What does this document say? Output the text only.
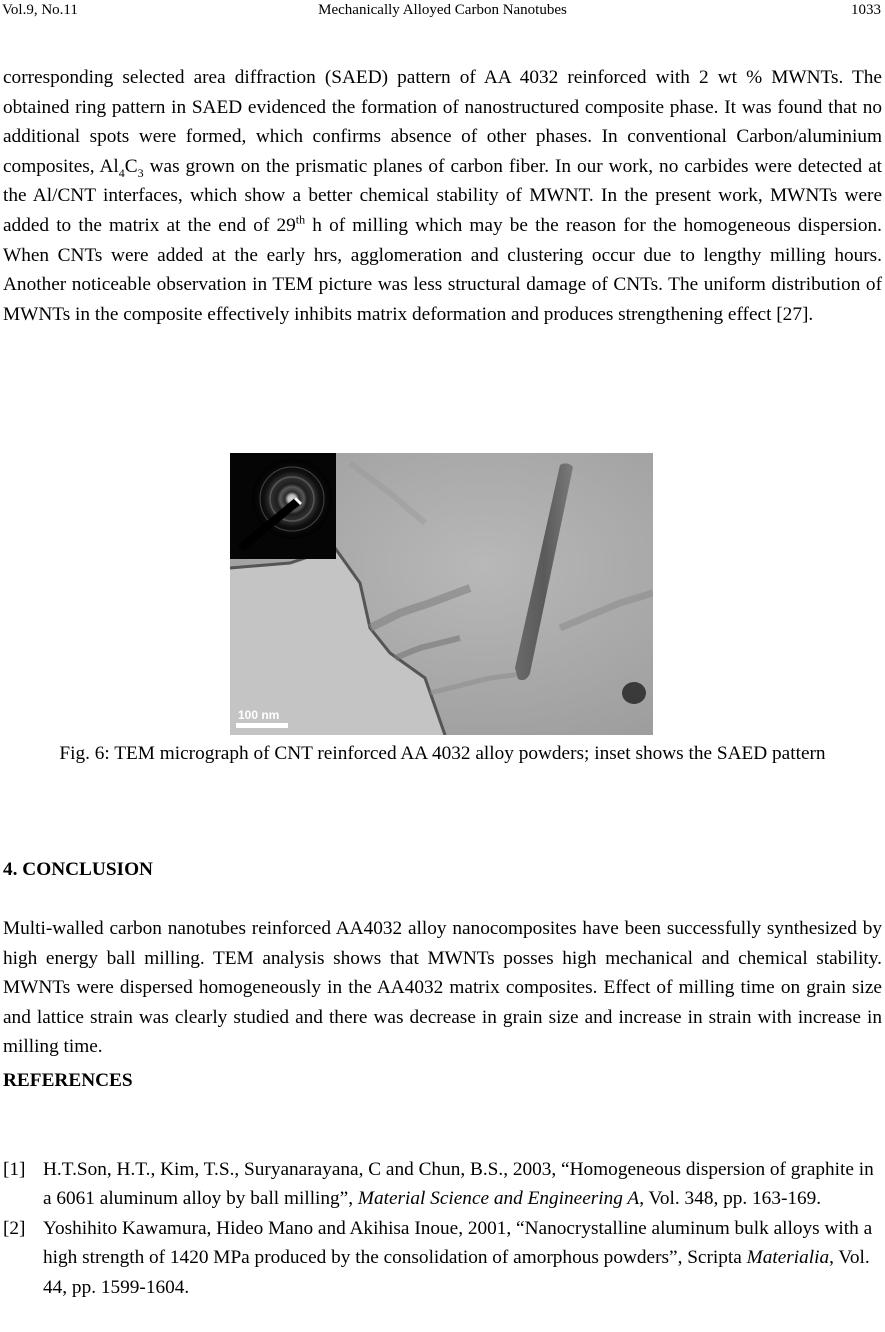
Vol.9, No.11	Mechanically Alloyed Carbon Nanotubes	1033
corresponding selected area diffraction (SAED) pattern of AA 4032 reinforced with 2 wt % MWNTs. The obtained ring pattern in SAED evidenced the formation of nanostructured composite phase. It was found that no additional spots were formed, which confirms absence of other phases. In conventional Carbon/aluminium composites, $Al_4C_3$ was grown on the prismatic planes of carbon fiber. In our work, no carbides were detected at the Al/CNT interfaces, which show a better chemical stability of MWNT. In the present work, MWNTs were added to the matrix at the end of 29th h of milling which may be the reason for the homogeneous dispersion. When CNTs were added at the early hrs, agglomeration and clustering occur due to lengthy milling hours. Another noticeable observation in TEM picture was less structural damage of CNTs. The uniform distribution of MWNTs in the composite effectively inhibits matrix deformation and produces strengthening effect [27].
100 nm
Fig. 6: TEM micrograph of CNT reinforced AA 4032 alloy powders; inset shows the SAED pattern
4. CONCLUSION
Multi-walled carbon nanotubes reinforced AA4032 alloy nanocomposites have been successfully synthesized by high energy ball milling. TEM analysis shows that MWNTs posses high mechanical and chemical stability. MWNTs were dispersed homogeneously in the AA4032 matrix composites. Effect of milling time on grain size and lattice strain was clearly studied and there was decrease in grain size and increase in strain with increase in milling time.
REFERENCES
[1] H.T.Son, H.T., Kim, T.S., Suryanarayana, C and Chun, B.S., 2003, “Homogeneous dispersion of graphite in a 6061 aluminum alloy by ball milling”, Material Science and Engineering A, Vol. 348, pp. 163-169.
[2] Yoshihito Kawamura, Hideo Mano and Akihisa Inoue, 2001, “Nanocrystalline aluminum bulk alloys with a high strength of 1420 MPa produced by the consolidation of amorphous powders”, Scripta Materialia, Vol. 44, pp. 1599-1604.
